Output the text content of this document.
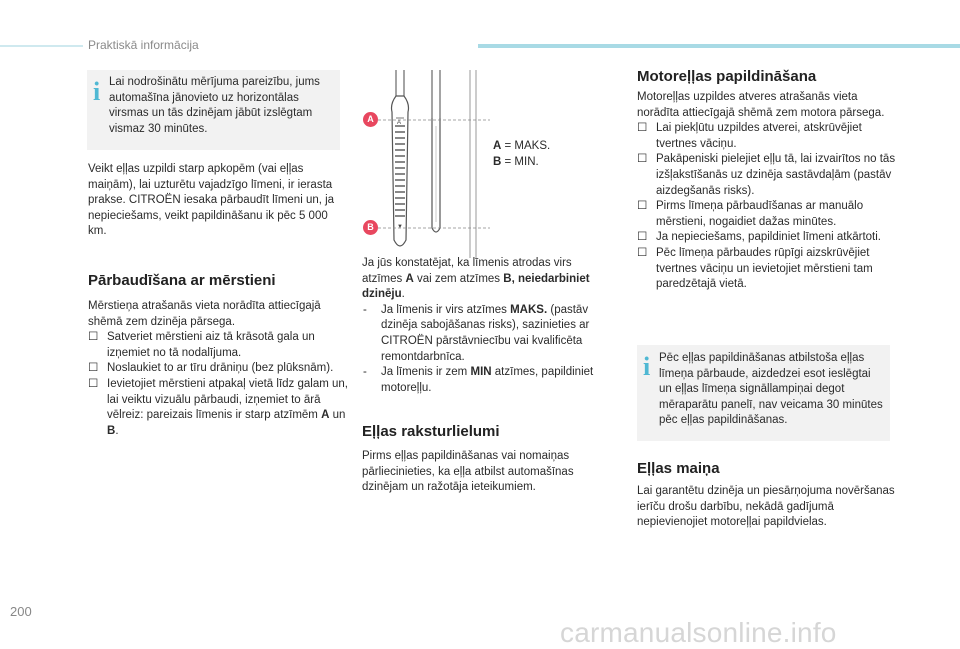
Praktiskā informācija
i Lai nodrošinātu mērījuma pareizību, jums automašīna jānovieto uz horizontālas virsmas un tās dzinējam jābūt izslēgtam vismaz 30 minūtes.
Veikt eļļas uzpildi starp apkopēm (vai eļļas maiņām), lai uzturētu vajadzīgo līmeni, ir ierasta prakse. CITROËN iesaka pārbaudīt līmeni un, ja nepieciešams, veikt papildināšanu ik pēc 5 000 km.
Pārbaudīšana ar mērstieni
Mērstieņa atrašanās vieta norādīta attiecīgajā shēmā zem dzinēja pārsega.
☐ Satveriet mērstieni aiz tā krāsotā gala un izņemiet no tā nodalījuma.
☐ Noslaukiet to ar tīru drāniņu (bez plūksnām).
☐ Ievietojiet mērstieni atpakaļ vietā līdz galam un, lai veiktu vizuālu pārbaudi, izņemiet to ārā vēlreiz: pareizais līmenis ir starp atzīmēm A un B.
A
▼
A
B
A = MAKS.
B = MIN.
Ja jūs konstatējat, ka līmenis atrodas virs atzīmes A vai zem atzīmes B, neiedarbiniet dzinēju.
- Ja līmenis ir virs atzīmes MAKS. (pastāv dzinēja sabojāšanas risks), sazinieties ar CITROËN pārstāvniecību vai kvalificēta remontdarbnīca.
- Ja līmenis ir zem MIN atzīmes, papildiniet motoreļļu.
Eļļas raksturlielumi
Pirms eļļas papildināšanas vai nomaiņas pārliecinieties, ka eļļa atbilst automašīnas dzinējam un ražotāja ieteikumiem.
Motoreļļas papildināšana
Motoreļļas uzpildes atveres atrašanās vieta norādīta attiecīgajā shēmā zem motora pārsega.
☐ Lai piekļūtu uzpildes atverei, atskrūvējiet tvertnes vāciņu.
☐ Pakāpeniski pielejiet eļļu tā, lai izvairītos no tās izšļakstīšanās uz dzinēja sastāvdaļām (pastāv aizdegšanās risks).
☐ Pirms līmeņa pārbaudīšanas ar manuālo mērstieni, nogaidiet dažas minūtes.
☐ Ja nepieciešams, papildiniet līmeni atkārtoti.
☐ Pēc līmeņa pārbaudes rūpīgi aizskrūvējiet tvertnes vāciņu un ievietojiet mērstieni tam paredzētajā vietā.
i Pēc eļļas papildināšanas atbilstoša eļļas līmeņa pārbaude, aizdedzei esot ieslēgtai un eļļas līmeņa signāllampiņai degot mēraparātu panelī, nav veicama 30 minūtes pēc eļļas papildināšanas.
Eļļas maiņa
Lai garantētu dzinēja un piesārņojuma novēršanas ierīču drošu darbību, nekādā gadījumā nepievienojiet motoreļļai papildvielas.
200
carmanualsonline.info
